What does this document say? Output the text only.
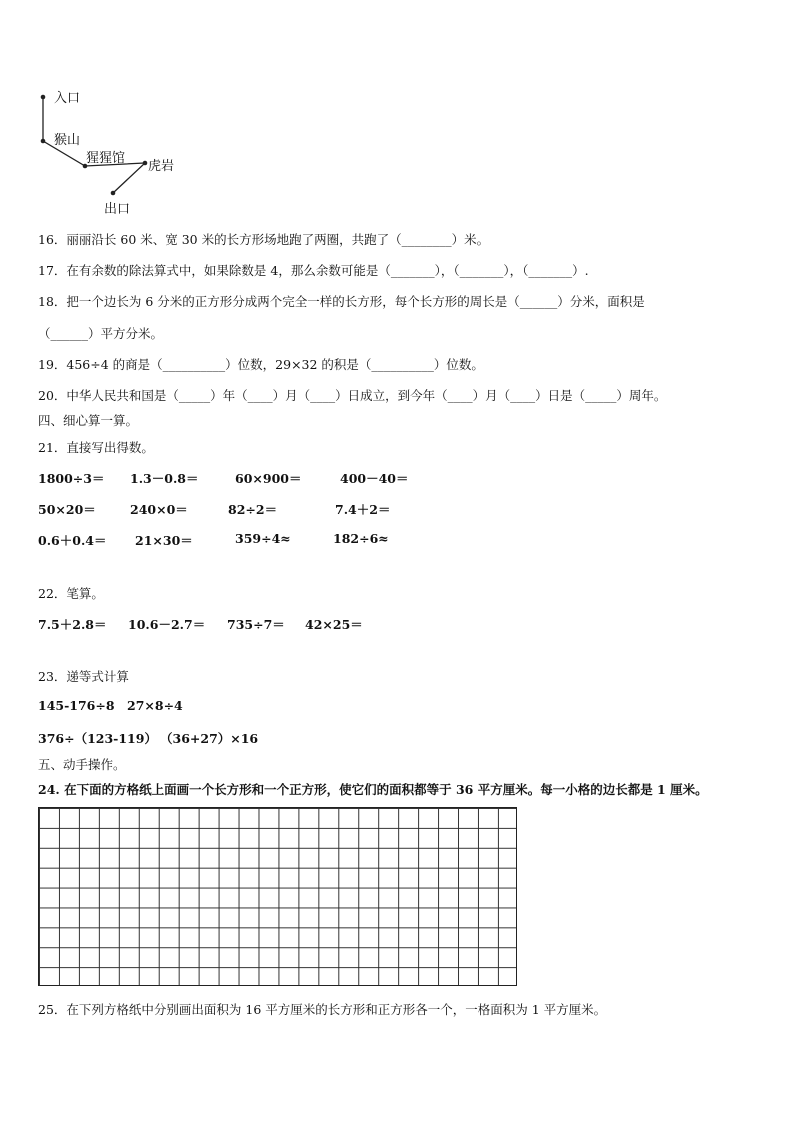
入口
猴山
猩猩馆
虎岩
出口
16．丽丽沿长 60 米、宽 30 米的长方形场地跑了两圈，共跑了（________）米。
17．在有余数的除法算式中，如果除数是 4，那么余数可能是（_______），（_______），（_______）.
18．把一个边长为 6 分米的正方形分成两个完全一样的长方形，每个长方形的周长是（______）分米，面积是
（______）平方分米。
19．456÷4 的商是（__________）位数，29×32 的积是（__________）位数。
20．中华人民共和国是（_____）年（____）月（____）日成立，到今年（____）月（____）日是（_____）周年。
四、细心算一算。
21．直接写出得数。
1800÷3＝ 1.3－0.8＝	60×900＝	400－40＝
50×20＝	240×0＝	82÷2＝	7.4＋2＝
0.6＋0.4＝ 21×30＝	359÷4≈	182÷6≈
22．笔算。
7.5＋2.8＝ 10.6－2.7＝ 735÷7＝ 42×25＝
23．递等式计算
145-176÷8 27×8÷4
376÷（123-119） （36+27）×16
五、动手操作。
24. 在下面的方格纸上面画一个长方形和一个正方形，使它们的面积都等于 36 平方厘米。每一小格的边长都是 1 厘米。
25．在下列方格纸中分别画出面积为 16 平方厘米的长方形和正方形各一个，一格面积为 1 平方厘米。
